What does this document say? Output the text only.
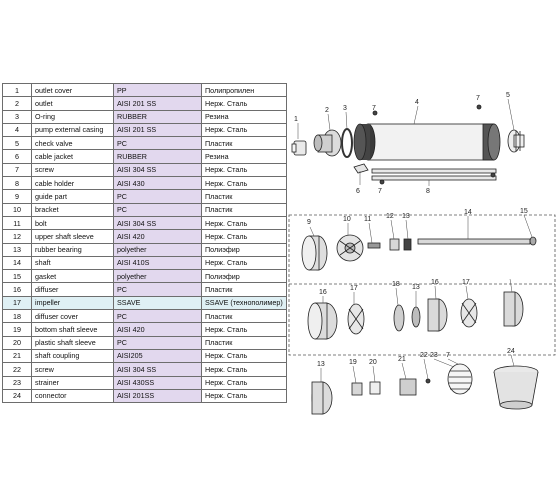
1	outlet cover	PP	Полипропилен
2	outlet	AISI 201 SS	Нерж. Сталь
3	O-ring	RUBBER	Резина
4	pump external casing	AISI 201 SS	Нерж. Сталь
5	check valve	PC	Пластик
6	cable jacket	RUBBER	Резина
7	screw	AISI 304 SS	Нерж. Сталь
8	cable holder	AISI 430	Нерж. Сталь
9	guide part	PC	Пластик
10	bracket	PC	Пластик
11	bolt	AISI 304 SS	Нерж. Сталь
12	upper shaft sleeve	AISI 420	Нерж. Сталь
13	rubber bearing	polyether	Полиэфир
14	shaft	AISI 410S	Нерж. Сталь
15	gasket	polyether	Полиэфир
16	diffuser	PC	Пластик
17	impeller	SSAVE	SSAVE (технополимер)
18	diffuser cover	PC	Пластик
19	bottom shaft sleeve	AISI 420	Нерж. Сталь
20	plastic shaft sleeve	PC	Пластик
21	shaft coupling	AISI205	Нерж. Сталь
22	screw	AISI 304 SS	Нерж. Сталь
23	strainer	AISI 430SS	Нерж. Сталь
24	connector	AISI 201SS	Нерж. Сталь
1
2 3	7
4
7	5
6	7	8
9	10 11 12 13
14	15
16
17
18 13
16	17
13	19 20	21
22 23 7
24
